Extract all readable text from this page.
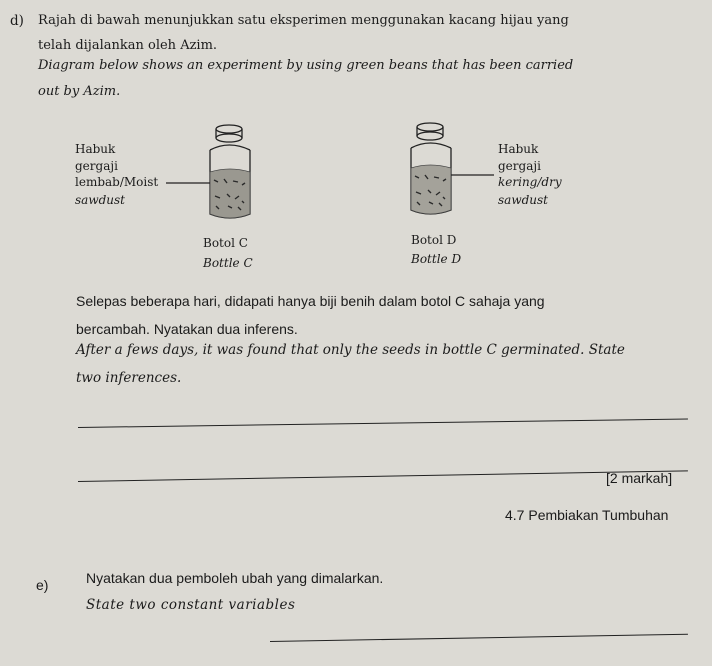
d) Rajah di bawah menunjukkan satu eksperimen menggunakan kacang hijau yang
telah dijalankan oleh Azim.
Diagram below shows an experiment by using green beans that has been carried
out by Azim.
Habuk
gergaji
lembab/Moist
sawdust
Habuk
gergaji
kering/dry
sawdust
Botol C
Bottle C
Botol D
Bottle D
Selepas beberapa hari, didapati hanya biji benih dalam botol C sahaja yang
bercambah. Nyatakan dua inferens.
After a fews days, it was found that only the seeds in bottle C germinated. State
two inferences.
[2 markah]
4.7 Pembiakan Tumbuhan
e)	Nyatakan dua pemboleh ubah yang dimalarkan.
State two constant variables
